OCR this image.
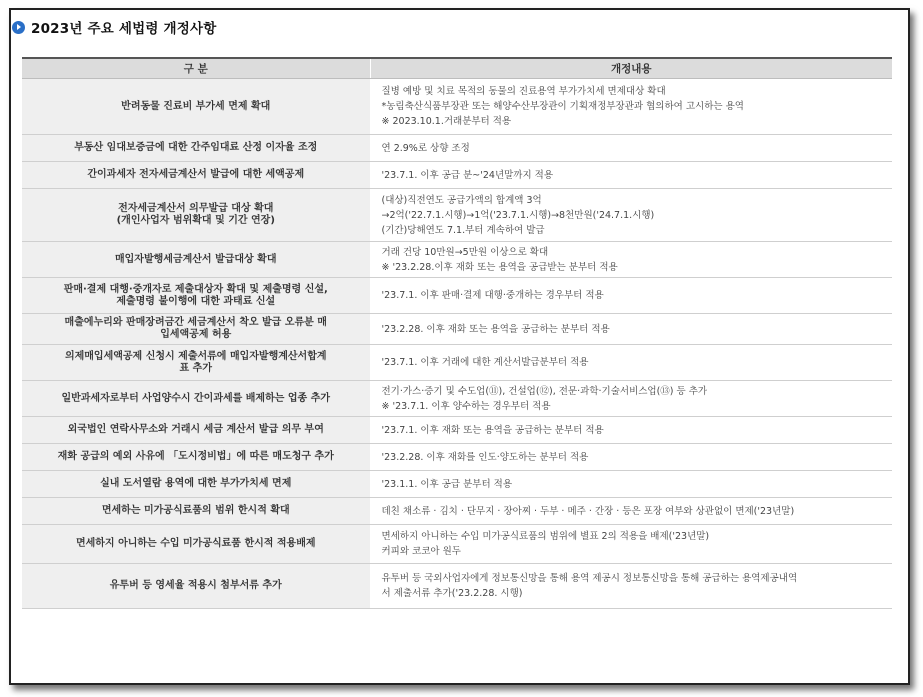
2023년 주요 세법령 개정사항
구 분	개정내용

반려동물 진료비 부가세 면제 확대	질병 예방 및 치료 목적의 동물의 진료용역 부가가치세 면제대상 확대
*농림축산식품부장관 또는 해양수산부장관이 기획재정부장관과 협의하여 고시하는 용역
※ 2023.10.1.거래분부터 적용

부동산 임대보증금에 대한 간주임대료 산정 이자율 조정	연 2.9%로 상향 조정

간이과세자 전자세금계산서 발급에 대한 세액공제	'23.7.1. 이후 공급 분~'24년말까지 적용

전자세금계산서 의무발급 대상 확대
(개인사업자 범위확대 및 기간 연장)	(대상)직전연도 공급가액의 합계액 3억
→2억('22.7.1.시행)→1억('23.7.1.시행)→8천만원('24.7.1.시행)
(기간)당해연도 7.1.부터 계속하여 발급

매입자발행세금계산서 발급대상 확대	거래 건당 10만원→5만원 이상으로 확대
※ '23.2.28.이후 재화 또는 용역을 공급받는 분부터 적용

판매·결제 대행·중개자로 제출대상자 확대 및 제출명령 신설,
제출명령 불이행에 대한 과태료 신설	'23.7.1. 이후 판매·결제 대행·중개하는 경우부터 적용

매출에누리와 판매장려금간 세금계산서 착오 발급 오류분 매
입세액공제 허용	'23.2.28. 이후 재화 또는 용역을 공급하는 분부터 적용

의제매입세액공제 신청시 제출서류에 매입자발행계산서합계
표 추가	'23.7.1. 이후 거래에 대한 계산서발급분부터 적용

일반과세자로부터 사업양수시 간이과세를 배제하는 업종 추가	전기·가스·증기 및 수도업(⑪), 건설업(⑫), 전문·과학·기술서비스업(⑬) 등 추가
※ '23.7.1. 이후 양수하는 경우부터 적용

외국법인 연락사무소와 거래시 세금 계산서 발급 의무 부여	'23.7.1. 이후 재화 또는 용역을 공급하는 분부터 적용

재화 공급의 예외 사유에 「도시정비법」에 따른 매도청구 추가	'23.2.28. 이후 재화를 인도·양도하는 분부터 적용

실내 도서열람 용역에 대한 부가가치세 면제	'23.1.1. 이후 공급 분부터 적용

면세하는 미가공식료품의 범위 한시적 확대	데친 채소류 · 김치 · 단무지 · 장아찌 · 두부 · 메주 · 간장 · 등은 포장 여부와 상관없이 면제('23년말)

면세하지 아니하는 수입 미가공식료품 한시적 적용배제	면세하지 아니하는 수입 미가공식료품의 범위에 별표 2의 적용을 배제('23년말)
커피와 코코아 원두

유투버 등 영세율 적용시 첨부서류 추가	유투버 등 국외사업자에게 정보통신망을 통해 용역 제공시 정보통신망을 통해 공급하는 용역제공내역
서 제출서류 추가('23.2.28. 시행)
